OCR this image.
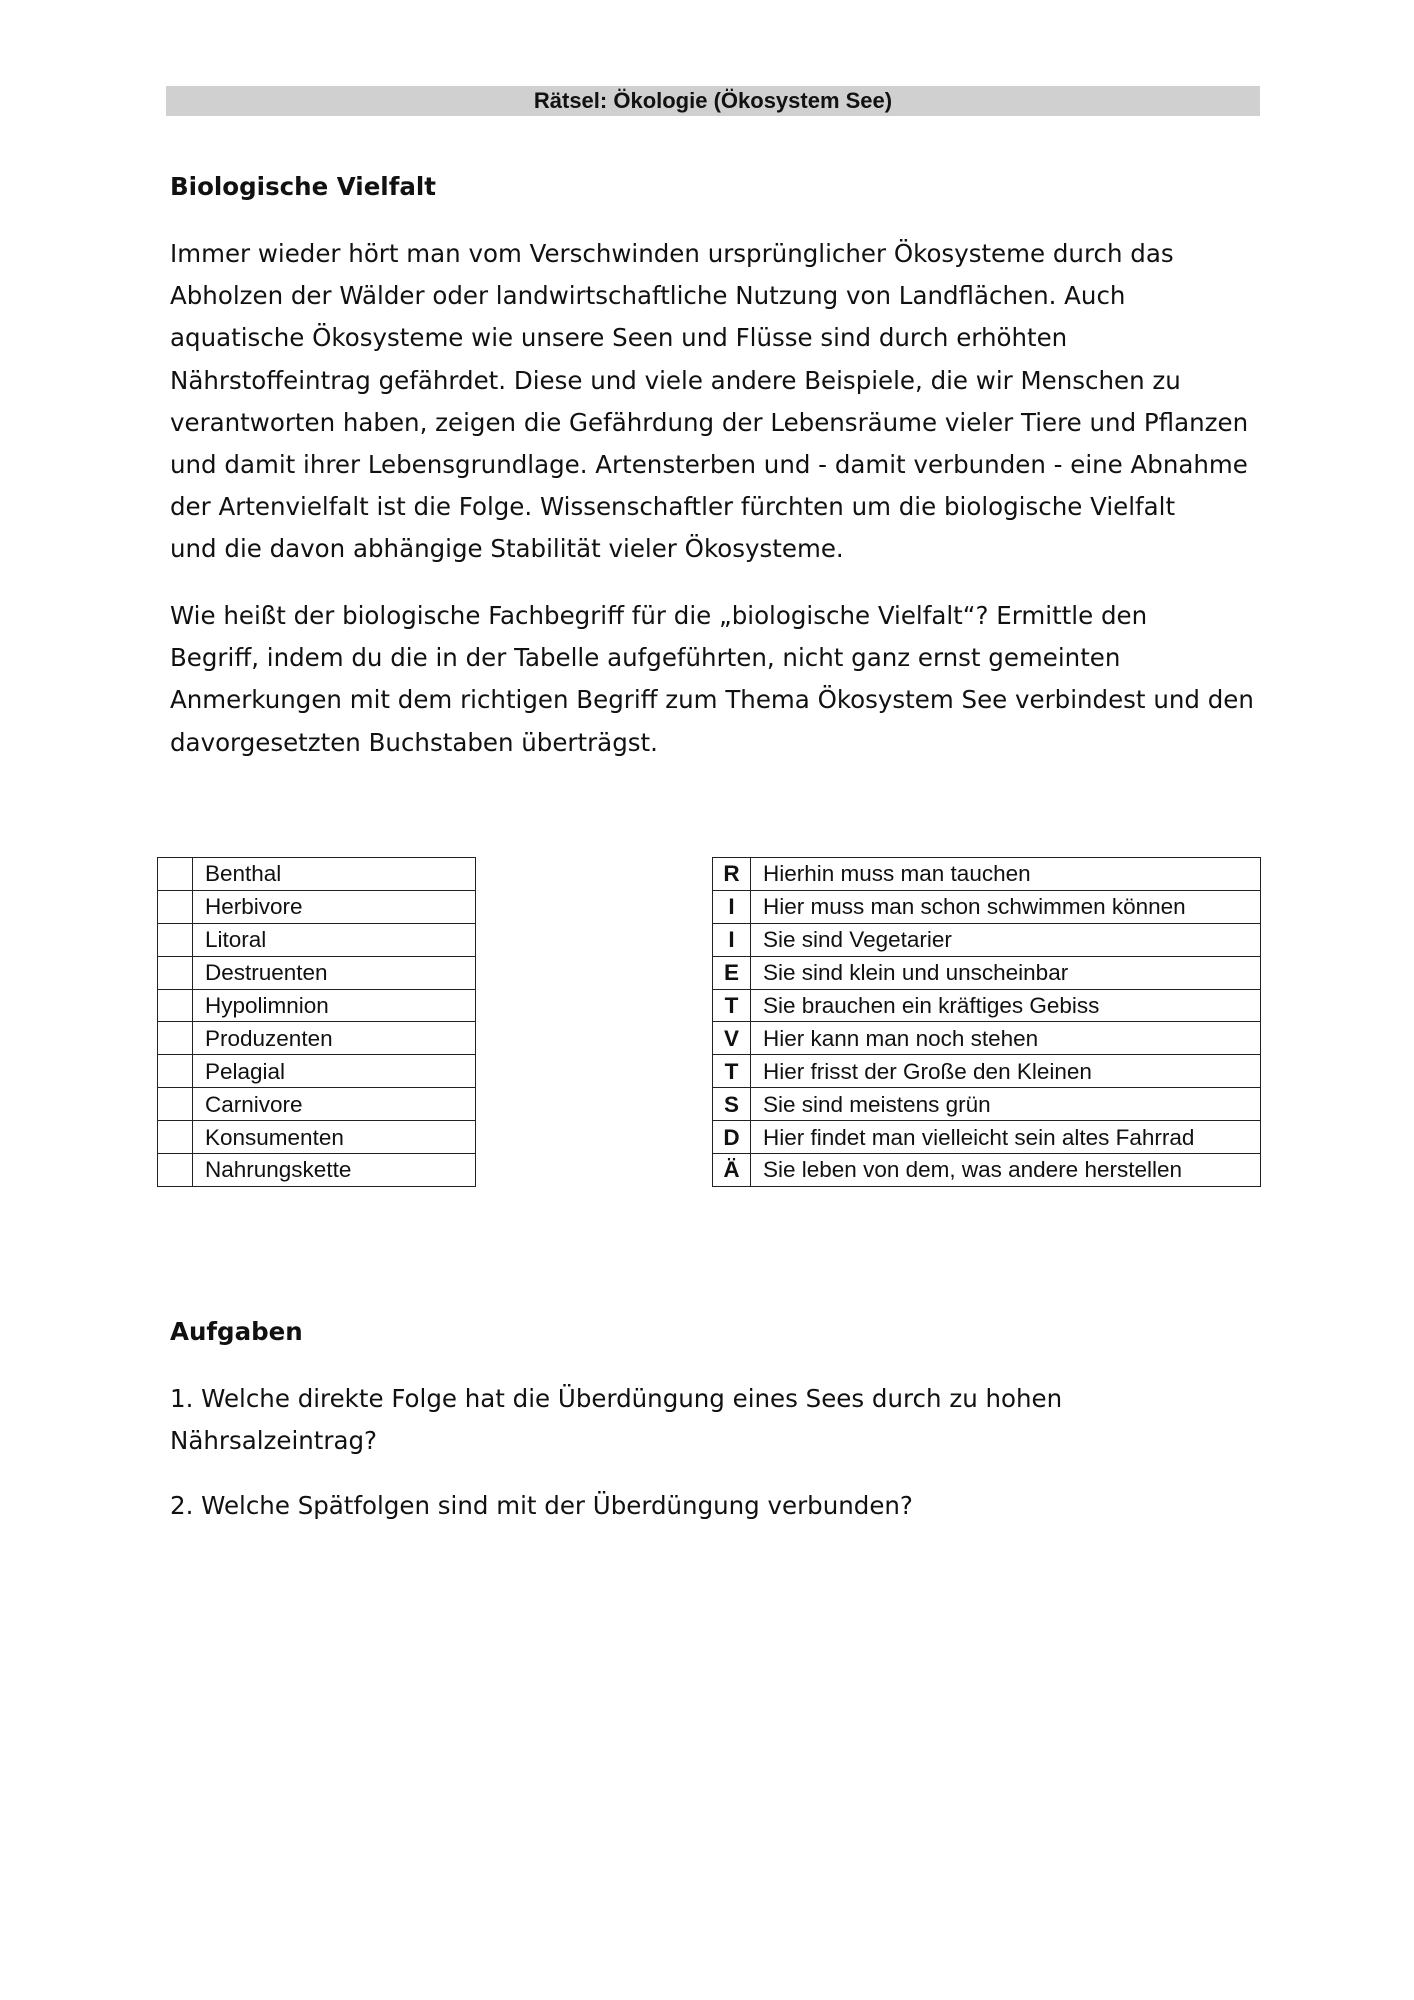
Rätsel: Ökologie (Ökosystem See)
Biologische Vielfalt

Immer wieder hört man vom Verschwinden ursprünglicher Ökosysteme durch das
Abholzen der Wälder oder landwirtschaftliche Nutzung von Landflächen. Auch
aquatische Ökosysteme wie unsere Seen und Flüsse sind durch erhöhten
Nährstoffeintrag gefährdet. Diese und viele andere Beispiele, die wir Menschen zu
verantworten haben, zeigen die Gefährdung der Lebensräume vieler Tiere und Pflanzen
und damit ihrer Lebensgrundlage. Artensterben und - damit verbunden - eine Abnahme
der Artenvielfalt ist die Folge. Wissenschaftler fürchten um die biologische Vielfalt
und die davon abhängige Stabilität vieler Ökosysteme.

Wie heißt der biologische Fachbegriff für die „biologische Vielfalt“? Ermittle den
Begriff, indem du die in der Tabelle aufgeführten, nicht ganz ernst gemeinten
Anmerkungen mit dem richtigen Begriff zum Thema Ökosystem See verbindest und den
davorgesetzten Buchstaben überträgst.

	Benthal
	Herbivore
	Litoral
	Destruenten
	Hypolimnion
	Produzenten
	Pelagial
	Carnivore
	Konsumenten
	Nahrungskette
R	Hierhin muss man tauchen
I	Hier muss man schon schwimmen können
I	Sie sind Vegetarier
E	Sie sind klein und unscheinbar
T	Sie brauchen ein kräftiges Gebiss
V	Hier kann man noch stehen
T	Hier frisst der Große den Kleinen
S	Sie sind meistens grün
D	Hier findet man vielleicht sein altes Fahrrad
Ä	Sie leben von dem, was andere herstellen
Aufgaben

1. Welche direkte Folge hat die Überdüngung eines Sees durch zu hohen
Nährsalzeintrag?

2. Welche Spätfolgen sind mit der Überdüngung verbunden?
